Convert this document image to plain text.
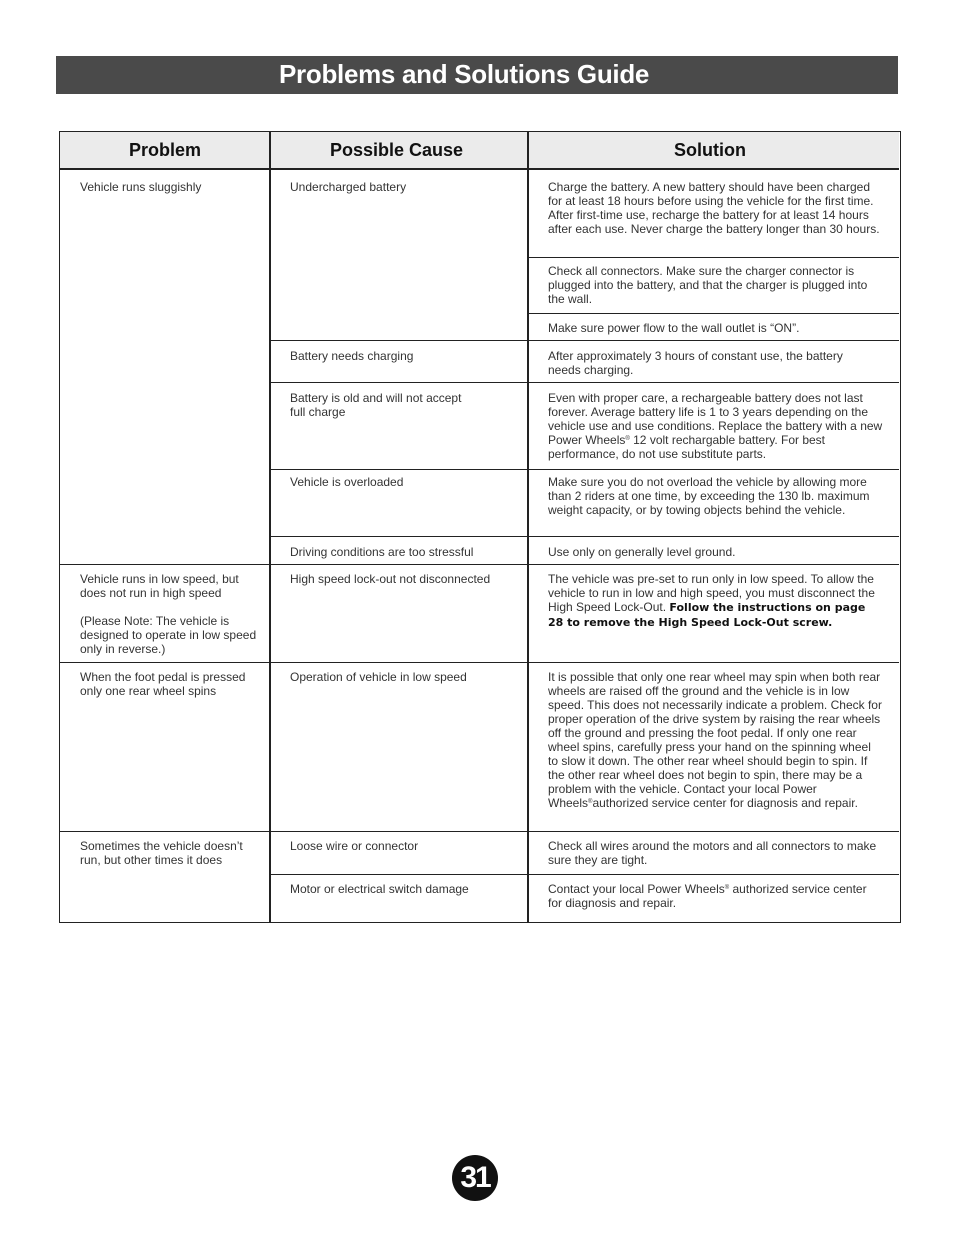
Problems and Solutions Guide
Problem	Possible Cause	Solution

Vehicle runs sluggishly

Vehicle runs in low speed, but does not run in high speed

(Please Note: The vehicle is designed to operate in low speed only in reverse.)

When the foot pedal is pressed only one rear wheel spins

Sometimes the vehicle doesn’t run, but other times it does

Undercharged battery

Battery needs charging

Battery is old and will not accept full charge

Vehicle is overloaded

Driving conditions are too stressful

High speed lock-out not disconnected

Operation of vehicle in low speed

Loose wire or connector

Motor or electrical switch damage

Charge the battery. A new battery should have been charged for at least 18 hours before using the vehicle for the first time. After first-time use, recharge the battery for at least 14 hours after each use. Never charge the battery longer than 30 hours.

Check all connectors. Make sure the charger connector is plugged into the battery, and that the charger is plugged into the wall.

Make sure power flow to the wall outlet is “ON”.

After approximately 3 hours of constant use, the battery needs charging.

Even with proper care, a rechargeable battery does not last forever. Average battery life is 1 to 3 years depending on the vehicle use and use conditions. Replace the battery with a new Power Wheels® 12 volt rechargable battery. For best performance, do not use substitute parts.

Make sure you do not overload the vehicle by allowing more than 2 riders at one time, by exceeding the 130 lb. maximum weight capacity, or by towing objects behind the vehicle.

Use only on generally level ground.

The vehicle was pre-set to run only in low speed. To allow the vehicle to run in low and high speed, you must disconnect the High Speed Lock-Out. Follow the instructions on page 28 to remove the High Speed Lock-Out screw.

It is possible that only one rear wheel may spin when both rear wheels are raised off the ground and the vehicle is in low speed. This does not necessarily indicate a problem. Check for proper operation of the drive system by raising the rear wheels off the ground and pressing the foot pedal. If only one rear wheel spins, carefully press your hand on the spinning wheel to slow it down. The other rear wheel should begin to spin. If the other rear wheel does not begin to spin, there may be a problem with the vehicle. Contact your local Power Wheels®authorized service center for diagnosis and repair.

Check all wires around the motors and all connectors to make sure they are tight.

Contact your local Power Wheels® authorized service center for diagnosis and repair.

31
